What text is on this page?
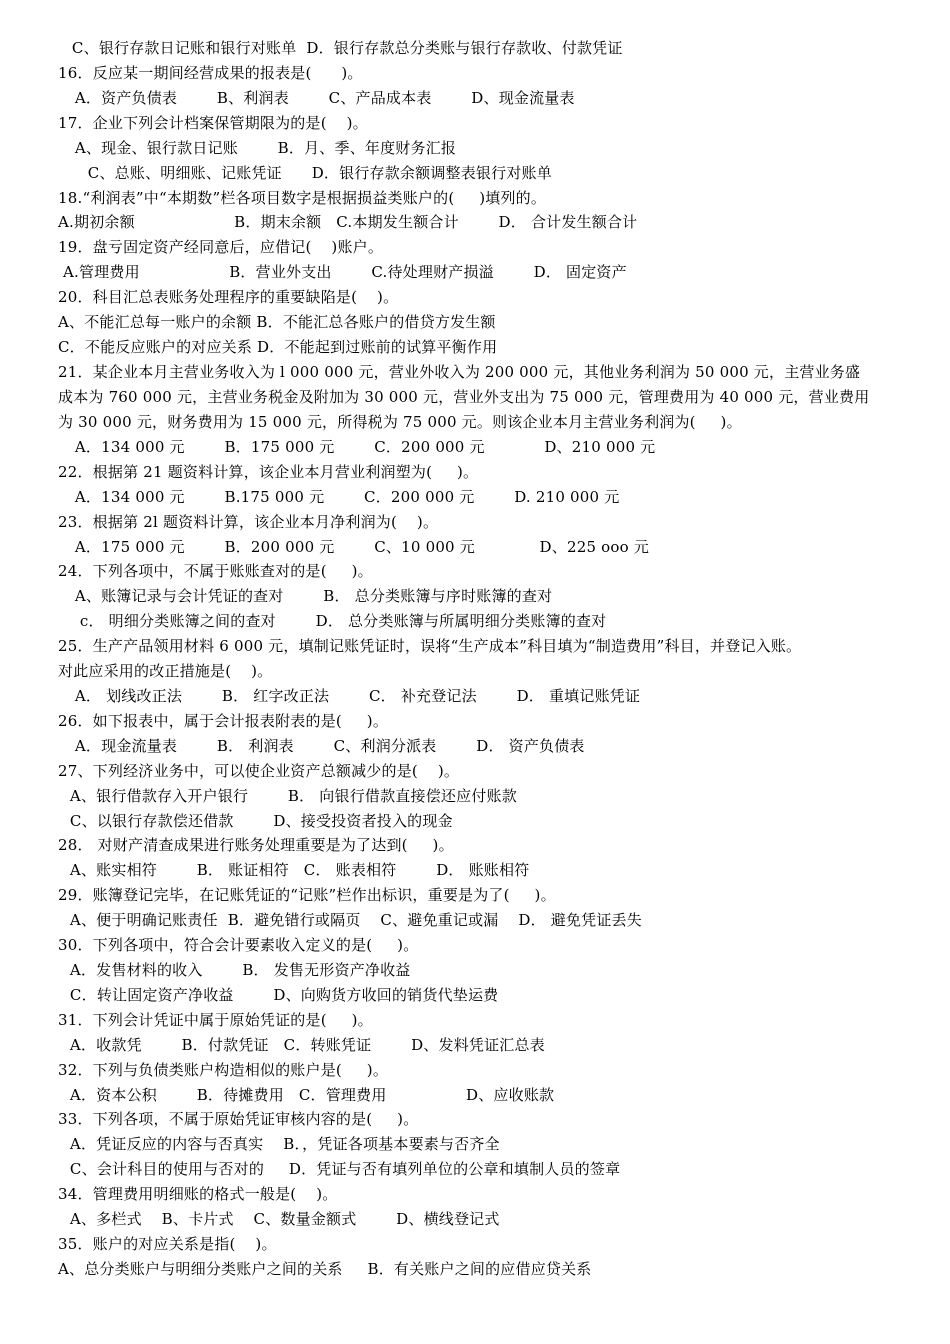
C、银行存款日记账和银行对账单  D．银行存款总分类账与银行存款收、付款凭证
16．反应某一期间经营成果的报表是(      )。
A．资产负债表        B、利润表        C、产品成本表        D、现金流量表
17．企业下列会计档案保管期限为的是(    )。
A、现金、银行款日记账        B．月、季、年度财务汇报
C、总账、明细账、记账凭证      D．银行存款余额调整表银行对账单
18.“利润表”中“本期数”栏各项目数字是根据损益类账户的(     )填列的。
A.期初余额                    B．期末余额   C.本期发生额合计        D． 合计发生额合计
19．盘亏固定资产经同意后，应借记(    )账户。
A.管理费用                  B．营业外支出        C.待处理财产损溢        D． 固定资产
20．科目汇总表账务处理程序的重要缺陷是(    )。
A、不能汇总每一账户的余额 B．不能汇总各账户的借贷方发生额
C．不能反应账户的对应关系 D．不能起到过账前的试算平衡作用
21．某企业本月主营业务收入为 l 000 000 元，营业外收入为 200 000 元，其他业务利润为 50 000 元，主营业务盛
成本为 760 000 元，主营业务税金及附加为 30 000 元，营业外支出为 75 000 元，管理费用为 40 000 元，营业费用
为 30 000 元，财务费用为 15 000 元，所得税为 75 000 元。则该企业本月主营业务利润为(     )。
A．134 000 元        B．175 000 元        C．200 000 元            D、210 000 元
22．根据第 21 题资料计算，该企业本月营业利润塑为(     )。
A．134 000 元        B.175 000 元        C．200 000 元        D. 210 000 元
23．根据第 2l 题资料计算，该企业本月净利润为(    )。
A．175 000 元        B．200 000 元        C、10 000 元             D、225 ooo 元
24．下列各项中，不属于账账查对的是(     )。
A、账簿记录与会计凭证的查对        B． 总分类账簿与序时账簿的查对
c． 明细分类账簿之间的查对        D． 总分类账簿与所属明细分类账簿的查对
25．生产产品领用材料 6 000 元，填制记账凭证时，误将“生产成本”科目填为“制造费用”科目，并登记入账。
对此应采用的改正措施是(    )。
A． 划线改正法        B． 红字改正法        C． 补充登记法        D． 重填记账凭证
26．如下报表中，属于会计报表附表的是(     )。
A．现金流量表        B． 利润表        C、利润分派表        D． 资产负债表
27、下列经济业务中，可以使企业资产总额减少的是(    )。
A、银行借款存入开户银行        B． 向银行借款直接偿还应付账款
C、以银行存款偿还借款        D、接受投资者投入的现金
28． 对财产清查成果进行账务处理重要是为了达到(     )。
A、账实相符        B． 账证相符   C． 账表相符        D． 账账相符
29．账簿登记完毕，在记账凭证的“记账”栏作出标识，重要是为了(     )。
A、便于明确记账责任  B．避免错行或隔页    C、避免重记或漏    D． 避免凭证丢失
30．下列各项中，符合会计要素收入定义的是(     )。
A．发售材料的收入        B． 发售无形资产净收益
C．转让固定资产净收益        D、向购货方收回的销货代垫运费
31．下列会计凭证中属于原始凭证的是(     )。
A．收款凭        B．付款凭证   C．转账凭证        D、发料凭证汇总表
32．下列与负债类账户构造相似的账户是(     )。
A．资本公积        B．待摊费用   C．管理费用                D、应收账款
33．下列各项，不属于原始凭证审核内容的是(     )。
A．凭证反应的内容与否真实    B．，凭证各项基本要素与否齐全
C、会计科目的使用与否对的     D．凭证与否有填列单位的公章和填制人员的签章
34．管理费用明细账的格式一般是(    )。
A、多栏式    B、卡片式    C、数量金额式        D、横线登记式
35．账户的对应关系是指(    )。
A、总分类账户与明细分类账户之间的关系     B．有关账户之间的应借应贷关系
